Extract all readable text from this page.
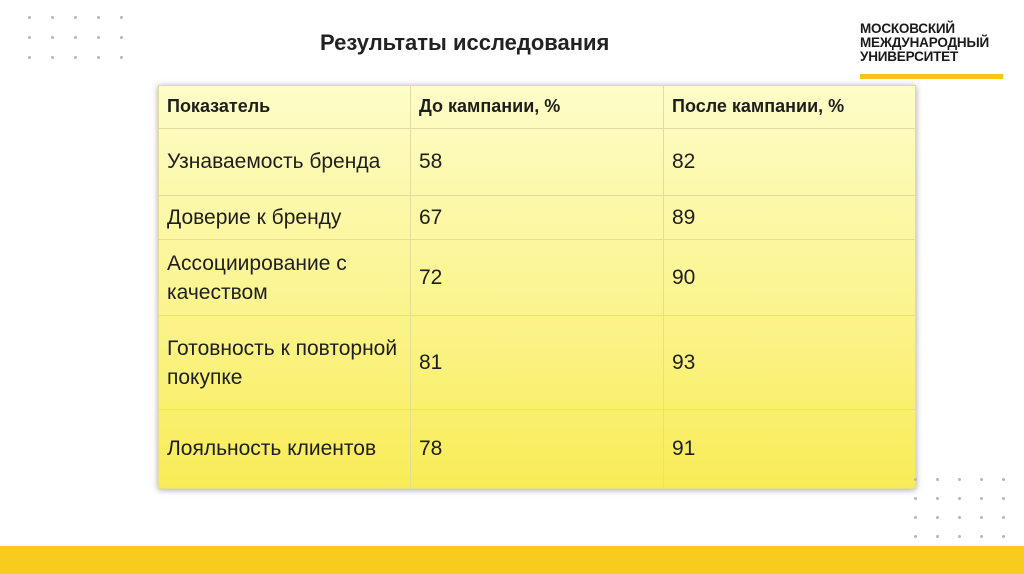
Результаты исследования
МОСКОВСКИЙ
МЕЖДУНАРОДНЫЙ
УНИВЕРСИТЕТ
Показатель	До кампании, %	После кампании, %
Узнаваемость бренда	58	82
Доверие к бренду	67	89
Ассоциирование с качеством	72	90
Готовность к повторной покупке	81	93
Лояльность клиентов	78	91
